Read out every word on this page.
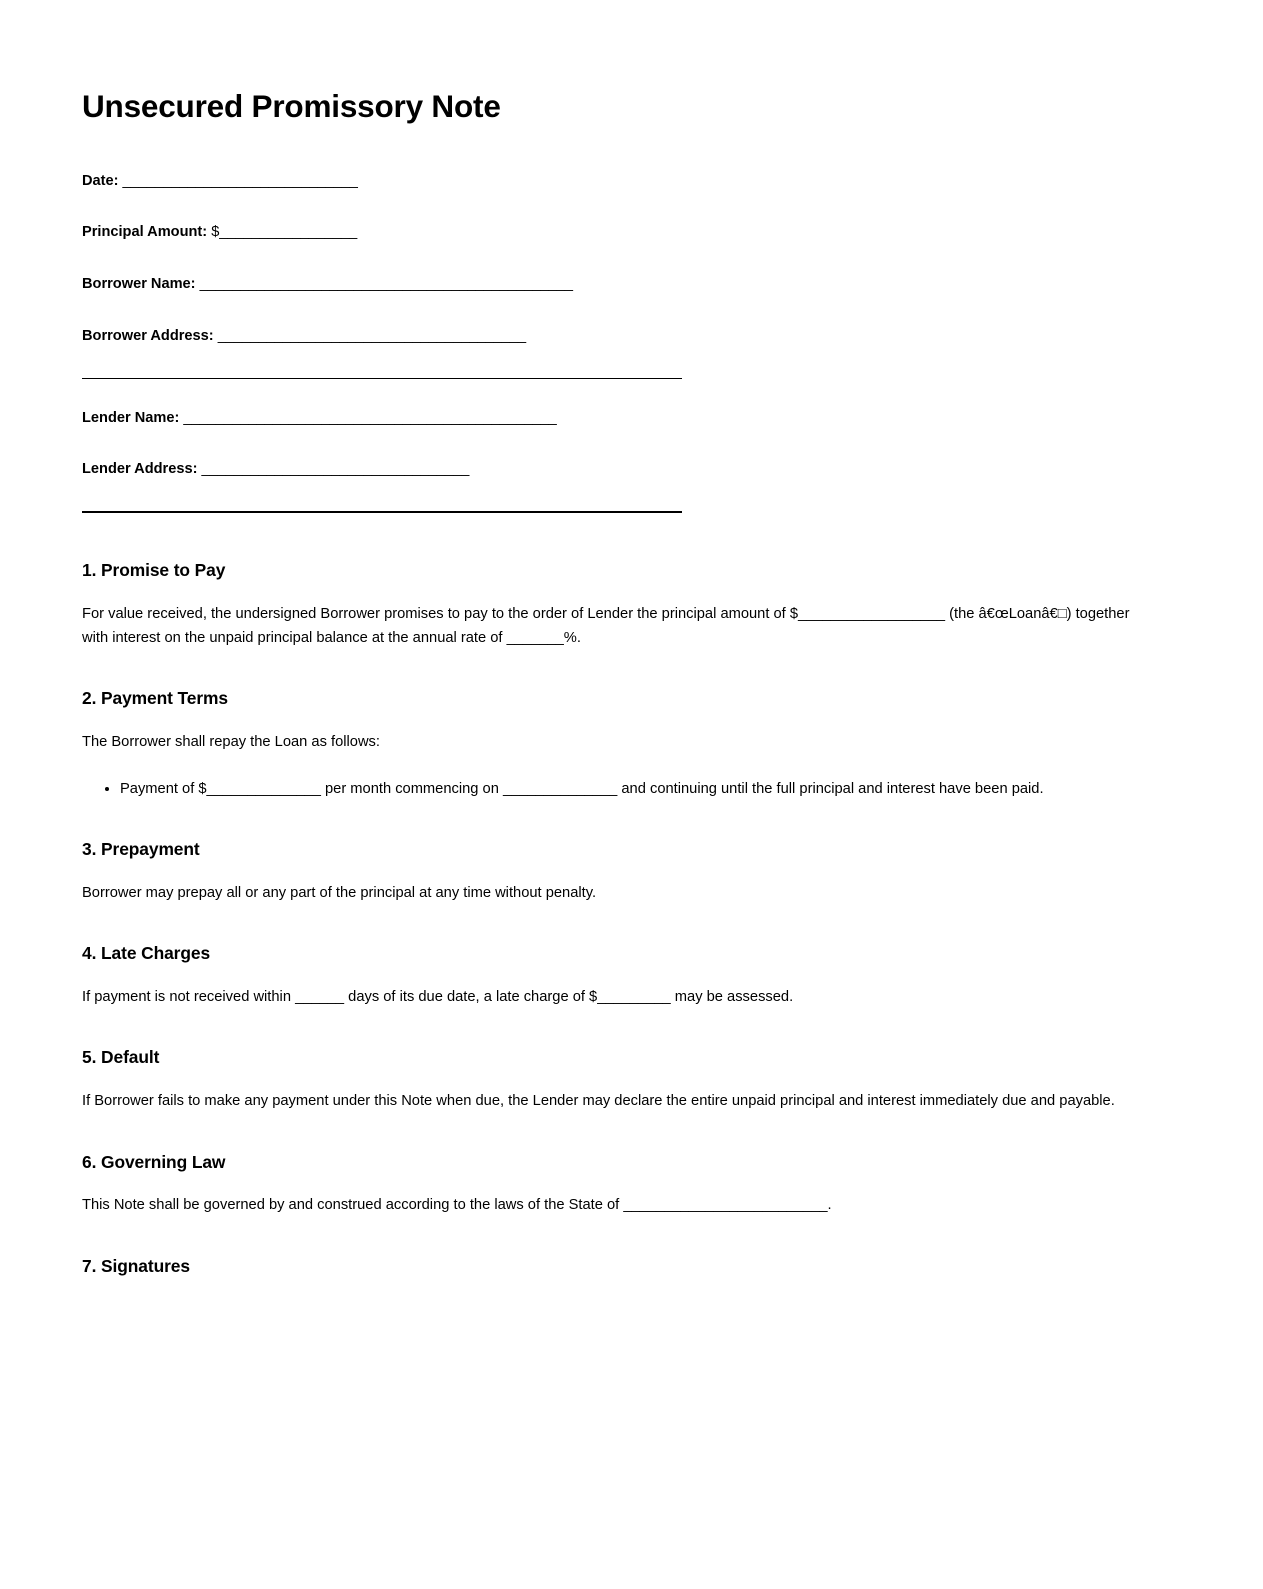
Unsecured Promissory Note
Date: _____________________________
Principal Amount: $_________________
Borrower Name: ______________________________________________
Borrower Address: ______________________________________
Lender Name: ______________________________________________
Lender Address: _________________________________
1. Promise to Pay

For value received, the undersigned Borrower promises to pay to the order of Lender the principal amount of $__________________ (the â€œLoanâ€□) together with interest on the unpaid principal balance at the annual rate of _______%.

2. Payment Terms

The Borrower shall repay the Loan as follows:

• Payment of $______________ per month commencing on ______________ and continuing until the full principal and interest have been paid.
3. Prepayment

Borrower may prepay all or any part of the principal at any time without penalty.

4. Late Charges

If payment is not received within ______ days of its due date, a late charge of $_________ may be assessed.

5. Default

If Borrower fails to make any payment under this Note when due, the Lender may declare the entire unpaid principal and interest immediately due and payable.

6. Governing Law

This Note shall be governed by and construed according to the laws of the State of _________________________.

7. Signatures
